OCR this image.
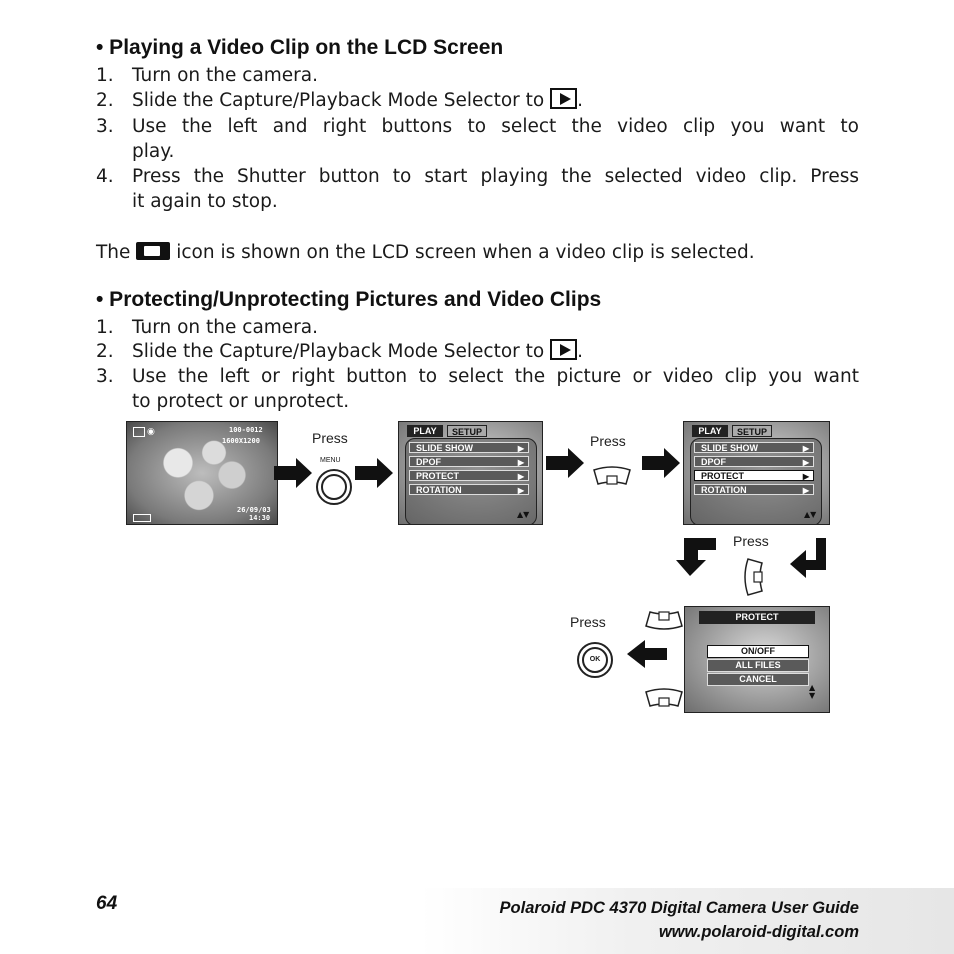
• Playing a Video Clip on the LCD Screen
1. Turn on the camera.
2. Slide the Capture/Playback Mode Selector to .
3. Use the left and right buttons to select the video clip you want to
play.
4. Press the Shutter button to start playing the selected video clip. Press
it again to stop.
The icon is shown on the LCD screen when a video clip is selected.
• Protecting/Unprotecting Pictures and Video Clips
1. Turn on the camera.
2. Slide the Capture/Playback Mode Selector to .
3. Use the left or right button to select the picture or video clip you want
to protect or unprotect.
◉	100-0012
1600X1200
26/09/03
14:30
Press
MENU
PLAY	SETUP
SLIDE SHOW	▶
DPOF	▶
PROTECT	▶
ROTATION	▶
▲▼
Press
PLAY	SETUP
SLIDE SHOW	▶
DPOF	▶
PROTECT	▶
ROTATION	▶
▲▼
Press
PROTECT
ON/OFF
ALL FILES
CANCEL
▲
▼
Press
OK
64	Polaroid PDC 4370 Digital Camera User Guide
www.polaroid-digital.com
